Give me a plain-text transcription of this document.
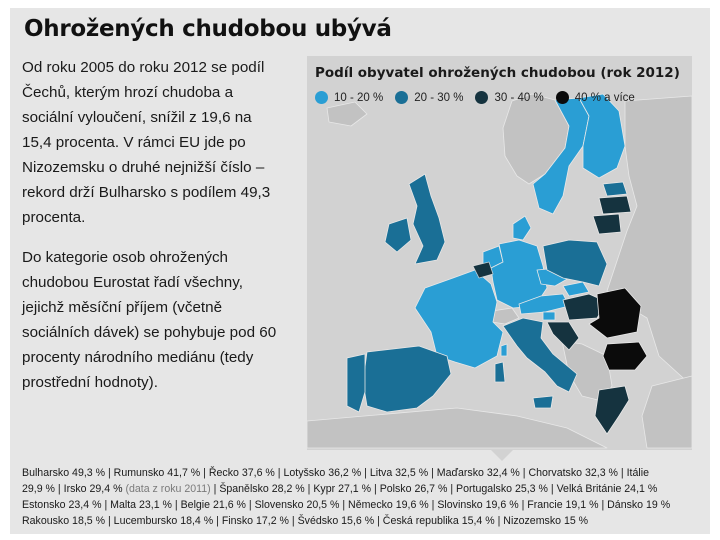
Ohrožených chudobou ubývá
Od roku 2005 do roku 2012 se podíl Čechů, kterým hrozí chudoba a sociální vyloučení, snížil z 19,6 na 15,4 procenta. V rámci EU jde po Nizozemsku o druhé nejnižší číslo – rekord drží Bulharsko s podílem 49,3 procenta.
Do kategorie osob ohrožených chudobou Eurostat řadí všechny, jejichž měsíční příjem (včetně sociálních dávek) se pohybuje pod 60 procenty národního mediánu (tedy prostřední hodnoty).
Podíl obyvatel ohrožených chudobou (rok 2012)
10 - 20 %	20 - 30 %	30 - 40 %	40 % a více
Bulharsko 49,3 % | Rumunsko 41,7 % | Řecko 37,6 % | Lotyšsko 36,2 % | Litva 32,5 % | Maďarsko 32,4 % | Chorvatsko 32,3 % | Itálie
29,9 % | Irsko 29,4 % (data z roku 2011) | Španělsko 28,2 % | Kypr 27,1 % | Polsko 26,7 % | Portugalsko 25,3 % | Velká Británie 24,1 %
Estonsko 23,4 % | Malta 23,1 % | Belgie 21,6 % | Slovensko 20,5 % | Německo 19,6 % | Slovinsko 19,6 % | Francie 19,1 % | Dánsko 19 %
Rakousko 18,5 % | Lucembursko 18,4 % | Finsko 17,2 % | Švédsko 15,6 % | Česká republika 15,4 % | Nizozemsko 15 %
